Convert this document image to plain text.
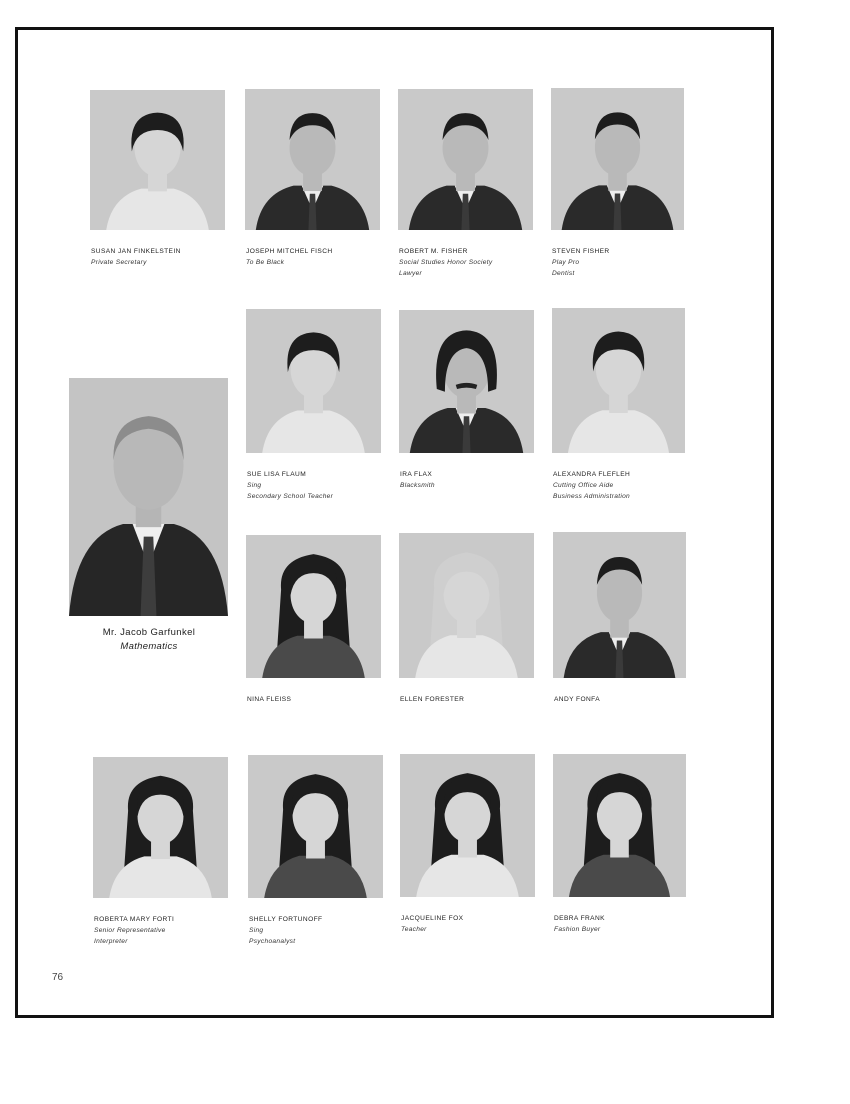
SUSAN JAN FINKELSTEIN
Private Secretary
JOSEPH MITCHEL FISCH
To Be Black
ROBERT M. FISHER
Social Studies Honor Society
Lawyer
STEVEN FISHER
Play Pro
Dentist
SUE LISA FLAUM
Sing
Secondary School Teacher
IRA FLAX
Blacksmith
ALEXANDRA FLEFLEH
Cutting Office Aide
Business Administration
NINA FLEISS	ELLEN FORESTER	ANDY FONFA
ROBERTA MARY FORTI
Senior Representative
Interpreter
SHELLY FORTUNOFF
Sing
Psychoanalyst
JACQUELINE FOX
Teacher
DEBRA FRANK
Fashion Buyer
Mr. Jacob Garfunkel
Mathematics
76
